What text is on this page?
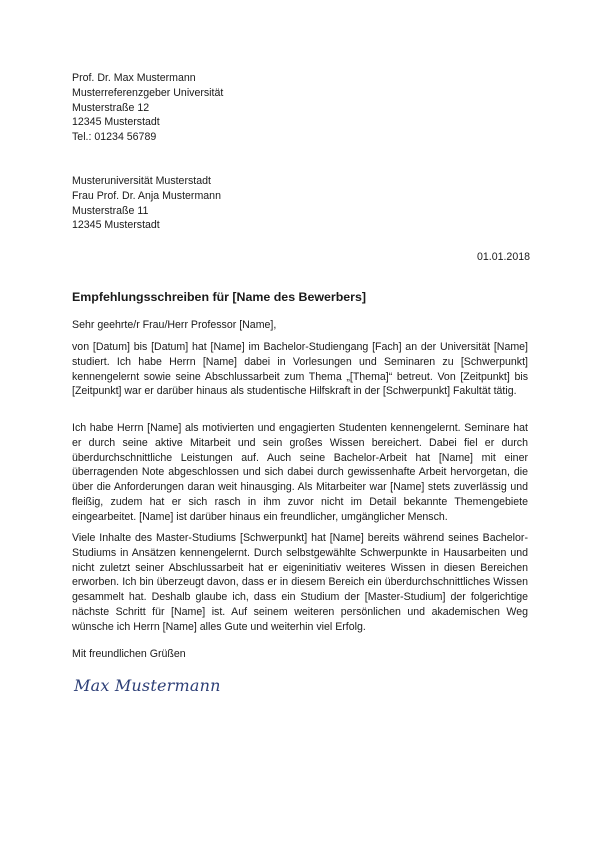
Prof. Dr. Max Mustermann
Musterreferenzgeber Universität
Musterstraße 12
12345 Musterstadt
Tel.: 01234 56789
Musteruniversität Musterstadt
Frau Prof. Dr. Anja Mustermann
Musterstraße 11
12345 Musterstadt
01.01.2018
Empfehlungsschreiben für [Name des Bewerbers]
Sehr geehrte/r Frau/Herr Professor [Name],

von [Datum] bis [Datum] hat [Name] im Bachelor-Studiengang [Fach] an der Universität [Name] studiert. Ich habe Herrn [Name] dabei in Vorlesungen und Seminaren zu [Schwerpunkt] kennengelernt sowie seine Abschlussarbeit zum Thema „[Thema]“ betreut. Von [Zeitpunkt] bis [Zeitpunkt] war er darüber hinaus als studentische Hilfskraft in der [Schwerpunkt] Fakultät tätig.

Ich habe Herrn [Name] als motivierten und engagierten Studenten kennengelernt. Seminare hat er durch seine aktive Mitarbeit und sein großes Wissen bereichert. Dabei fiel er durch überdurchschnittliche Leistungen auf. Auch seine Bachelor-Arbeit hat [Name] mit einer überragenden Note abgeschlossen und sich dabei durch gewissenhafte Arbeit hervorgetan, die über die Anforderungen daran weit hinausging. Als Mitarbeiter war [Name] stets zuverlässig und fleißig, zudem hat er sich rasch in ihm zuvor nicht im Detail bekannte Themengebiete eingearbeitet. [Name] ist darüber hinaus ein freundlicher, umgänglicher Mensch.

Viele Inhalte des Master-Studiums [Schwerpunkt] hat [Name] bereits während seines Bachelor-Studiums in Ansätzen kennengelernt. Durch selbstgewählte Schwerpunkte in Hausarbeiten und nicht zuletzt seiner Abschlussarbeit hat er eigeninitiativ weiteres Wissen in diesen Bereichen erworben. Ich bin überzeugt davon, dass er in diesem Bereich ein überdurchschnittliches Wissen gesammelt hat. Deshalb glaube ich, dass ein Studium der [Master-Studium] der folgerichtige nächste Schritt für [Name] ist. Auf seinem weiteren persönlichen und akademischen Weg wünsche ich Herrn [Name] alles Gute und weiterhin viel Erfolg.

Mit freundlichen Grüßen
Max Mustermann
